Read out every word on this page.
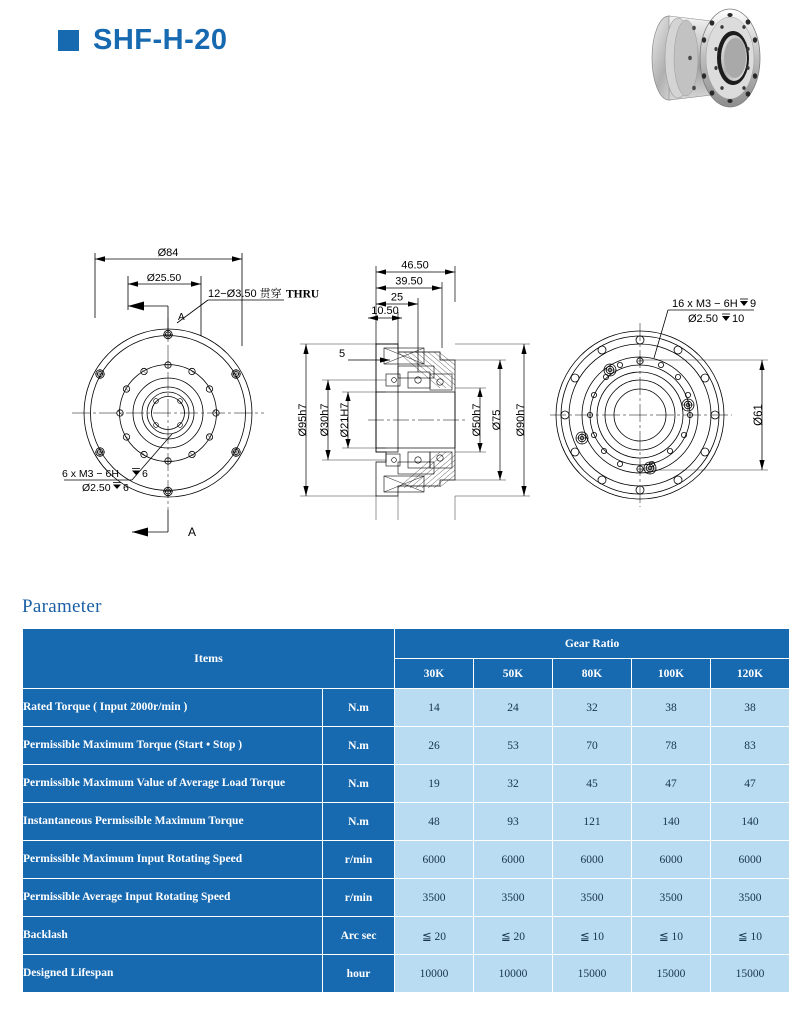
SHF-H-20
Ø84
Ø25.50
12−Ø3.50 贯穿 THRU
A
6 x M3 − 6H 6
Ø2.50 6
A
46.50
39.50
25
10.50
5
Ø95h7 Ø30h7 Ø21H7	Ø50h7 Ø75 Ø90h7
16 x M3 − 6H 9
Ø2.50 10
Ø61
Parameter
Items		Gear Ratio				
		30K	50K	80K	100K	120K
Rated Torque ( Input 2000r/min )	N.m	14	24	32	38	38
Permissible Maximum Torque (Start • Stop )	N.m	26	53	70	78	83
Permissible Maximum Value of Average Load Torque	N.m	19	32	45	47	47
Instantaneous Permissible Maximum Torque	N.m	48	93	121	140	140
Permissible Maximum Input Rotating Speed	r/min	6000	6000	6000	6000	6000
Permissible Average Input Rotating Speed	r/min	3500	3500	3500	3500	3500
Backlash	Arc sec	≦ 20	≦ 20	≦ 10	≦ 10	≦ 10
Designed Lifespan	hour	10000	10000	15000	15000	15000
